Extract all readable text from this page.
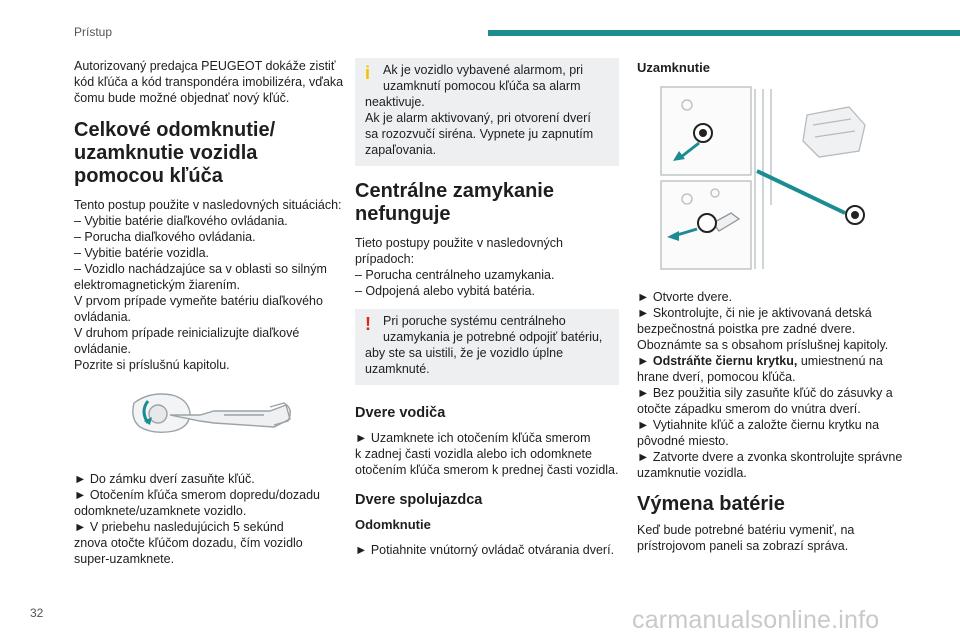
Prístup

Autorizovaný predajca PEUGEOT dokáže zistiť

kód kľúča a kód transpondéra imobilizéra, vďaka

čomu bude možné objednať nový kľúč.

Celkové odomknutie/
uzamknutie vozidla
pomocou kľúča

Tento postup použite v nasledovných situáciách:

– Vybitie batérie diaľkového ovládania.

– Porucha diaľkového ovládania.

– Vybitie batérie vozidla.

– Vozidlo nachádzajúce sa v oblasti so silným

elektromagnetickým žiarením.

V prvom prípade vymeňte batériu diaľkového

ovládania.

V druhom prípade reinicializujte diaľkové

ovládanie.

Pozrite si príslušnú kapitolu.

► Do zámku dverí zasuňte kľúč.

► Otočením kľúča smerom dopredu/dozadu

odomknete/uzamknete vozidlo.

► V priebehu nasledujúcich 5 sekúnd

znova otočte kľúčom dozadu, čím vozidlo

super-uzamknete.

i	Ak je vozidlo vybavené alarmom, pri

uzamknutí pomocou kľúča sa alarm

neaktivuje.

Ak je alarm aktivovaný, pri otvorení dverí

sa rozozvučí siréna. Vypnete ju zapnutím

zapaľovania.

Centrálne zamykanie
nefunguje

Tieto postupy použite v nasledovných prípadoch:

– Porucha centrálneho uzamykania.

– Odpojená alebo vybitá batéria.

! Pri poruche systému centrálneho

uzamykania je potrebné odpojiť batériu,

aby ste sa uistili, že je vozidlo úplne

uzamknuté.

Dvere vodiča

► Uzamknete ich otočením kľúča smerom

k zadnej časti vozidla alebo ich odomknete

otočením kľúča smerom k prednej časti vozidla.

Dvere spolujazdca
Odomknutie

► Potiahnite vnútorný ovládač otvárania dverí.

Uzamknutie

► Otvorte dvere.

► Skontrolujte, či nie je aktivovaná detská

bezpečnostná poistka pre zadné dvere.

Oboznámte sa s obsahom príslušnej kapitoly.

► Odstráňte čiernu krytku, umiestnenú na

hrane dverí, pomocou kľúča.

► Bez použitia sily zasuňte kľúč do zásuvky a

otočte západku smerom do vnútra dverí.

► Vytiahnite kľúč a založte čiernu krytku na

pôvodné miesto.

► Zatvorte dvere a zvonka skontrolujte správne

uzamknutie vozidla.

Výmena batérie

Keď bude potrebné batériu vymeniť, na

prístrojovom paneli sa zobrazí správa.

32	carmanualsonline.info
